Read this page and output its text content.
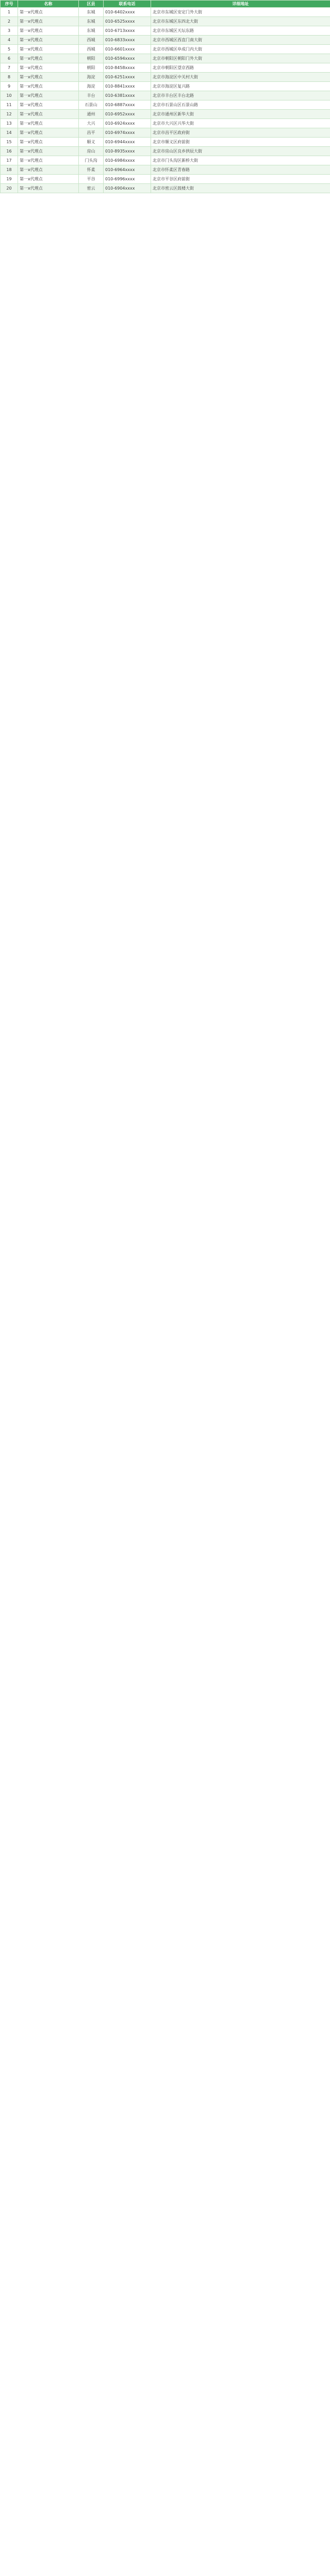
序号	名称	区县	联系电话	详细地址
1	第一x代理点	东城	010-6402xxxx	北京市东城区安定门外大街
2	第一x代理点	东城	010-6525xxxx	北京市东城区东四北大街
3	第一x代理点	东城	010-6713xxxx	北京市东城区天坛东路
4	第一x代理点	西城	010-6833xxxx	北京市西城区西直门南大街
5	第一x代理点	西城	010-6601xxxx	北京市西城区阜成门内大街
6	第一x代理点	朝阳	010-6594xxxx	北京市朝阳区朝阳门外大街
7	第一x代理点	朝阳	010-8458xxxx	北京市朝阳区望京西路
8	第一x代理点	海淀	010-6251xxxx	北京市海淀区中关村大街
9	第一x代理点	海淀	010-8841xxxx	北京市海淀区复兴路
10	第一x代理点	丰台	010-6381xxxx	北京市丰台区丰台北路
11	第一x代理点	石景山	010-6887xxxx	北京市石景山区石景山路
12	第一x代理点	通州	010-6952xxxx	北京市通州区新华大街
13	第一x代理点	大兴	010-6924xxxx	北京市大兴区兴华大街
14	第一x代理点	昌平	010-6974xxxx	北京市昌平区政府街
15	第一x代理点	顺义	010-6944xxxx	北京市顺义区府前街
16	第一x代理点	房山	010-8935xxxx	北京市房山区良乡拱辰大街
17	第一x代理点	门头沟	010-6984xxxx	北京市门头沟区新桥大街
18	第一x代理点	怀柔	010-6964xxxx	北京市怀柔区青春路
19	第一x代理点	平谷	010-6996xxxx	北京市平谷区府前街
20	第一x代理点	密云	010-6904xxxx	北京市密云区鼓楼大街
